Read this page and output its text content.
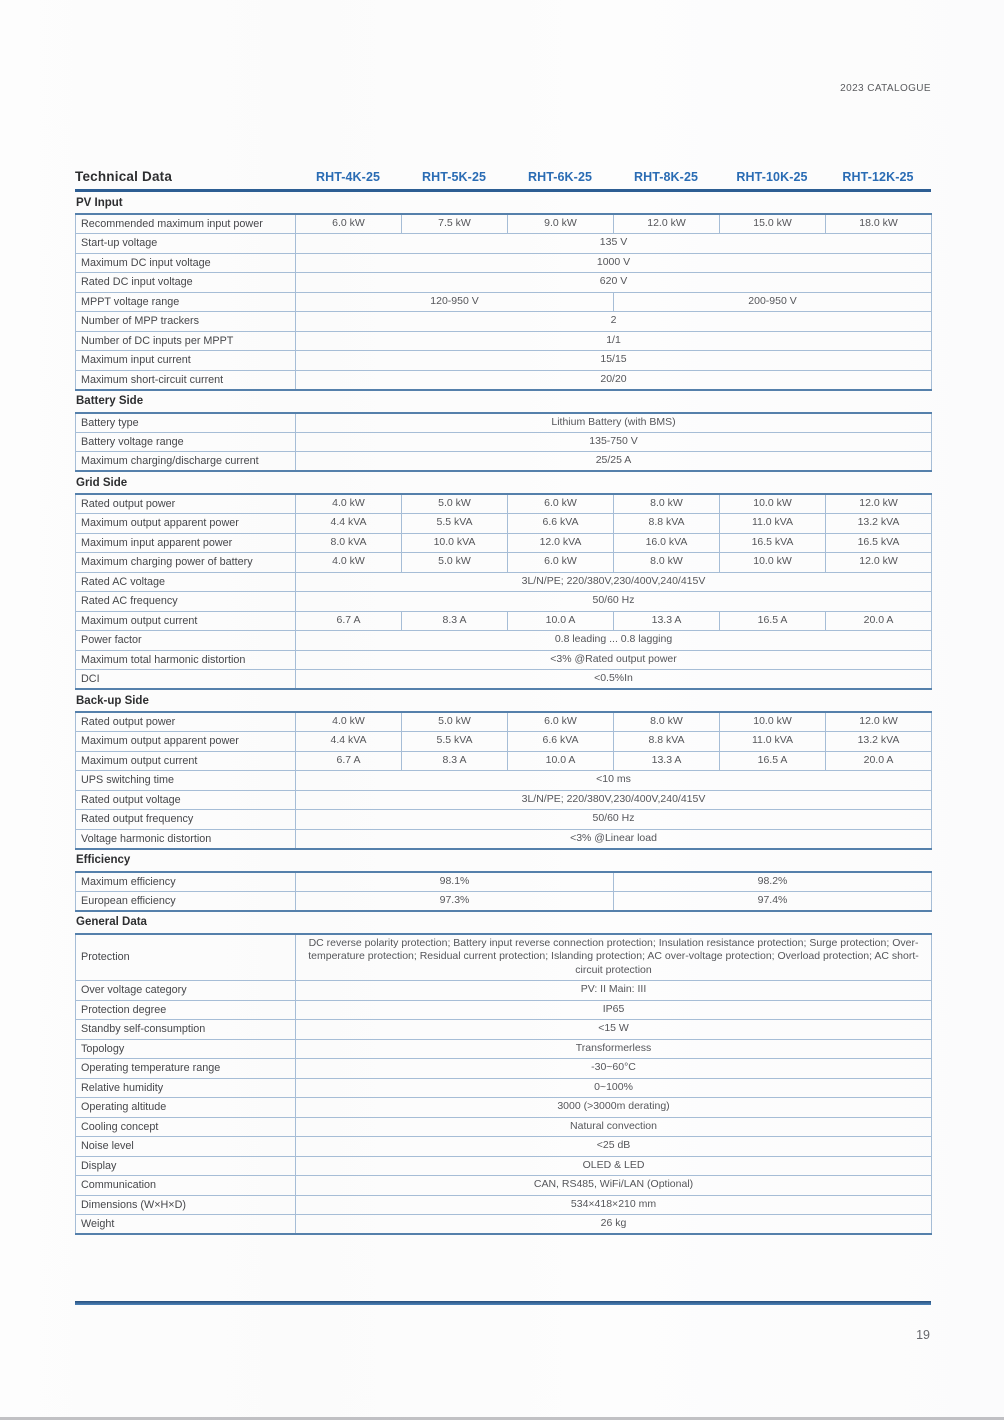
2023 CATALOGUE
Technical Data	RHT-4K-25	RHT-5K-25	RHT-6K-25	RHT-8K-25	RHT-10K-25	RHT-12K-25
PV Input
Recommended maximum input power	6.0 kW	7.5 kW	9.0 kW	12.0 kW	15.0 kW	18.0 kW
Start-up voltage	135 V					
Maximum DC input voltage	1000 V					
Rated DC input voltage	620 V					
MPPT voltage range	120-950 V			200-950 V		
Number of MPP trackers	2					
Number of DC inputs per MPPT	1/1					
Maximum input current	15/15					
Maximum short-circuit current	20/20					
Battery Side
Battery type	Lithium Battery (with BMS)
Battery voltage range	135-750 V
Maximum charging/discharge current	25/25 A
Grid Side
Rated output power	4.0 kW	5.0 kW	6.0 kW	8.0 kW	10.0 kW	12.0 kW
Maximum output apparent power	4.4 kVA	5.5 kVA	6.6 kVA	8.8 kVA	11.0 kVA	13.2 kVA
Maximum input apparent power	8.0 kVA	10.0 kVA	12.0 kVA	16.0 kVA	16.5 kVA	16.5 kVA
Maximum charging power of battery	4.0 kW	5.0 kW	6.0 kW	8.0 kW	10.0 kW	12.0 kW
Rated AC voltage	3L/N/PE; 220/380V,230/400V,240/415V					
Rated AC frequency	50/60 Hz					
Maximum output current	6.7 A	8.3 A	10.0 A	13.3 A	16.5 A	20.0 A
Power factor	0.8 leading ... 0.8 lagging					
Maximum total harmonic distortion	<3% @Rated output power					
DCI	<0.5%In					
Back-up Side
Rated output power	4.0 kW	5.0 kW	6.0 kW	8.0 kW	10.0 kW	12.0 kW
Maximum output apparent power	4.4 kVA	5.5 kVA	6.6 kVA	8.8 kVA	11.0 kVA	13.2 kVA
Maximum output current	6.7 A	8.3 A	10.0 A	13.3 A	16.5 A	20.0 A
UPS switching time	<10 ms					
Rated output voltage	3L/N/PE; 220/380V,230/400V,240/415V					
Rated output frequency	50/60 Hz					
Voltage harmonic distortion	<3% @Linear load					
Efficiency
Maximum efficiency	98.1%	98.2%
European efficiency	97.3%	97.4%
General Data
Protection	DC reverse polarity protection; Battery input reverse connection protection; Insulation resistance protection; Surge protection; Over-temperature protection; Residual current protection; Islanding protection; AC over-voltage protection; Overload protection; AC short-circuit protection
Over voltage category	PV: II Main: III
Protection degree	IP65
Standby self-consumption	<15 W
Topology	Transformerless
Operating temperature range	-30~60°C
Relative humidity	0~100%
Operating altitude	3000 (>3000m derating)
Cooling concept	Natural convection
Noise level	<25 dB
Display	OLED & LED
Communication	CAN, RS485, WiFi/LAN (Optional)
Dimensions (W×H×D)	534×418×210 mm
Weight	26 kg
19
